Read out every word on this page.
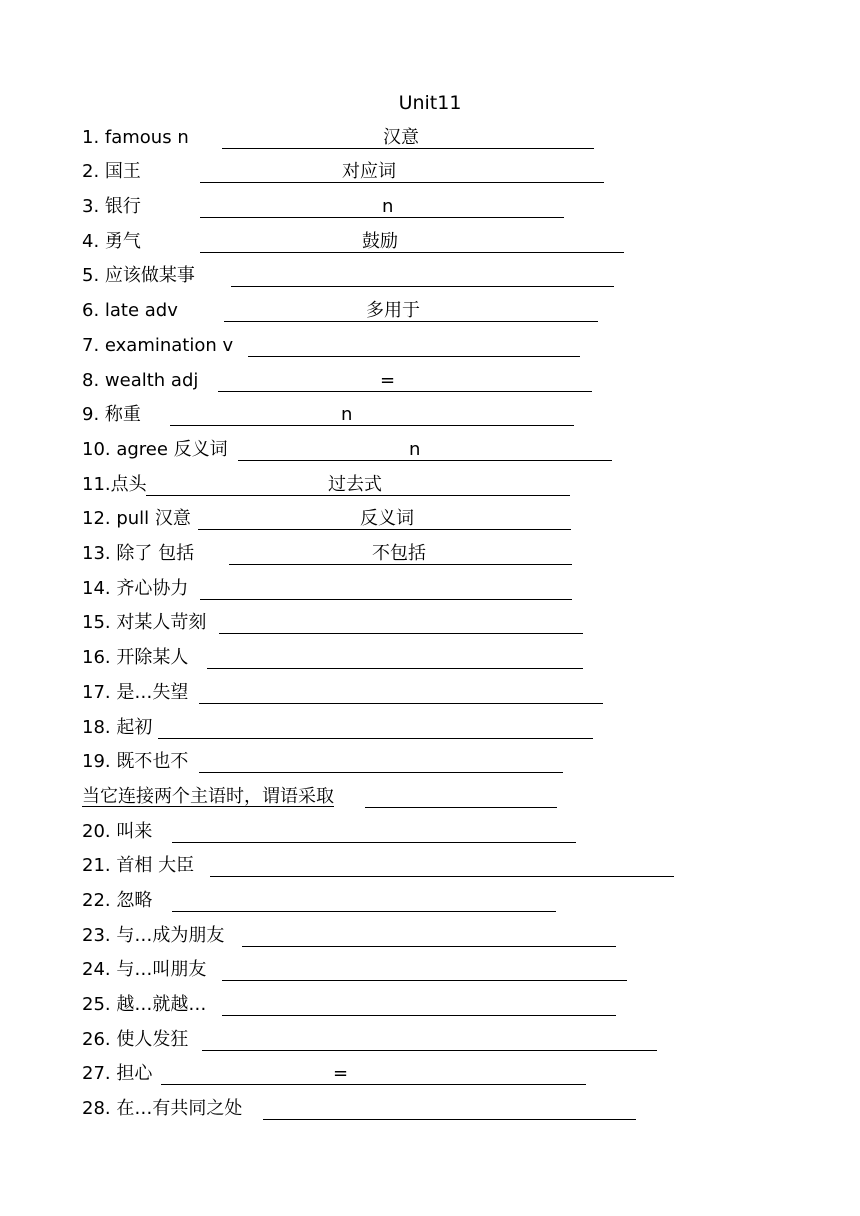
Unit11
1. famous n	汉意
2. 国王	对应词
3. 银行	n
4. 勇气	鼓励
5. 应该做某事
6. late adv	多用于
7. examination v
8. wealth adj	=
9. 称重	n
10. agree 反义词	n
11.点头	过去式
12. pull 汉意	反义词
13. 除了 包括	不包括
14. 齐心协力
15. 对某人苛刻
16. 开除某人
17. 是…失望
18. 起初
19. 既不也不
当它连接两个主语时，谓语采取
20. 叫来
21. 首相 大臣
22. 忽略
23. 与…成为朋友
24. 与…叫朋友
25. 越…就越…
26. 使人发狂
27. 担心	=
28. 在…有共同之处
